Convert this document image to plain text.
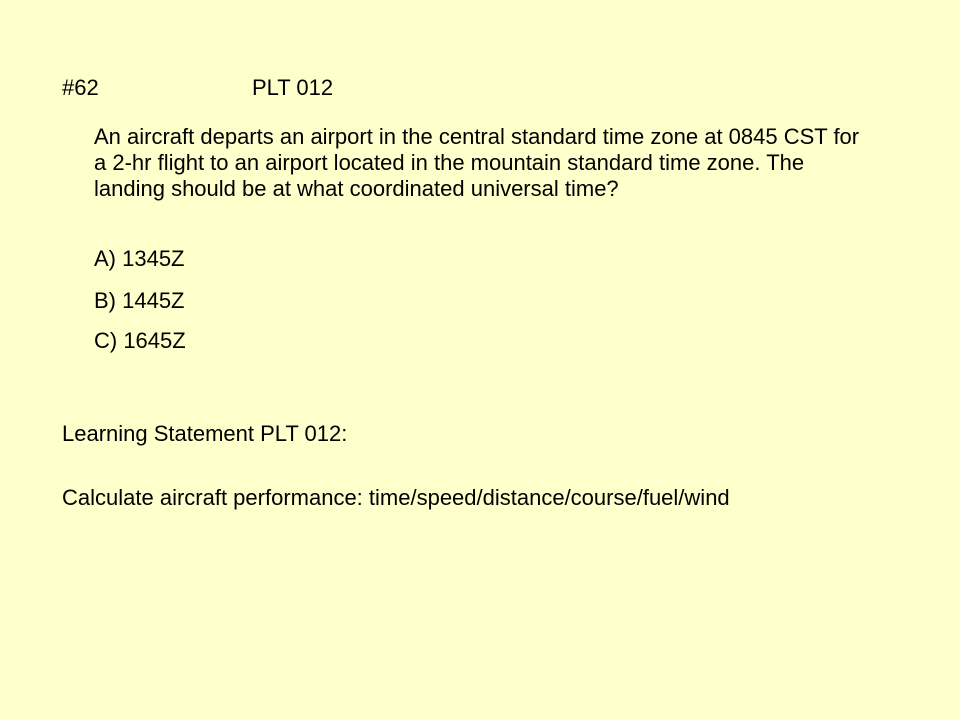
#62	PLT 012
An aircraft departs an airport in the central standard time zone at 0845 CST for a 2-hr flight to an airport located in the mountain standard time zone. The landing should be at what coordinated universal time?
A) 1345Z
B) 1445Z
C) 1645Z
Learning Statement PLT 012:
Calculate aircraft performance: time/speed/distance/course/fuel/wind
